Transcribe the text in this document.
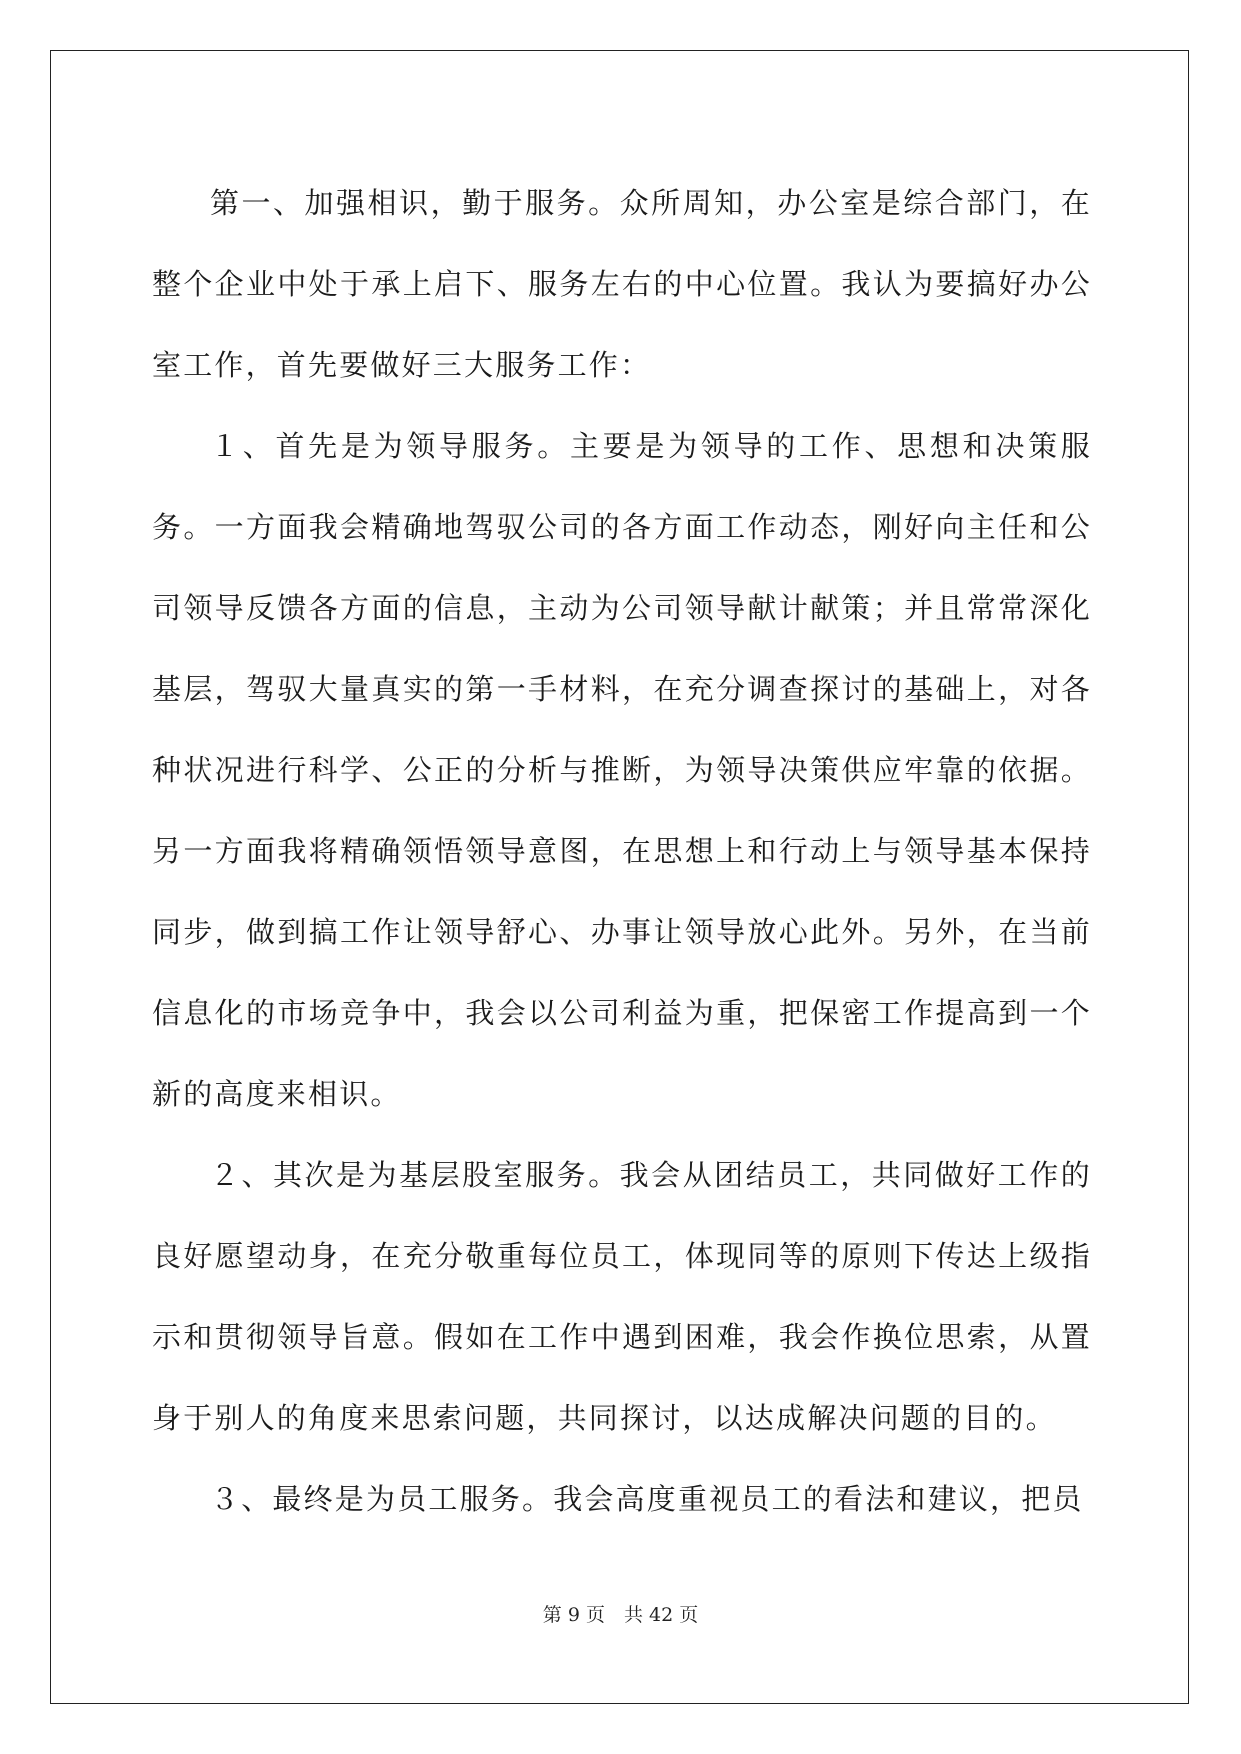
第一、加强相识，勤于服务。众所周知，办公室是综合部门，在整个企业中处于承上启下、服务左右的中心位置。我认为要搞好办公室工作，首先要做好三大服务工作：

１、首先是为领导服务。主要是为领导的工作、思想和决策服务。一方面我会精确地驾驭公司的各方面工作动态，刚好向主任和公司领导反馈各方面的信息，主动为公司领导献计献策；并且常常深化基层，驾驭大量真实的第一手材料，在充分调查探讨的基础上，对各种状况进行科学、公正的分析与推断，为领导决策供应牢靠的依据。另一方面我将精确领悟领导意图，在思想上和行动上与领导基本保持同步，做到搞工作让领导舒心、办事让领导放心此外。另外，在当前信息化的市场竞争中，我会以公司利益为重，把保密工作提高到一个新的高度来相识。

２、其次是为基层股室服务。我会从团结员工，共同做好工作的良好愿望动身，在充分敬重每位员工，体现同等的原则下传达上级指示和贯彻领导旨意。假如在工作中遇到困难，我会作换位思索，从置身于别人的角度来思索问题，共同探讨，以达成解决问题的目的。

３、最终是为员工服务。我会高度重视员工的看法和建议，把员

第 9 页　共 42 页
